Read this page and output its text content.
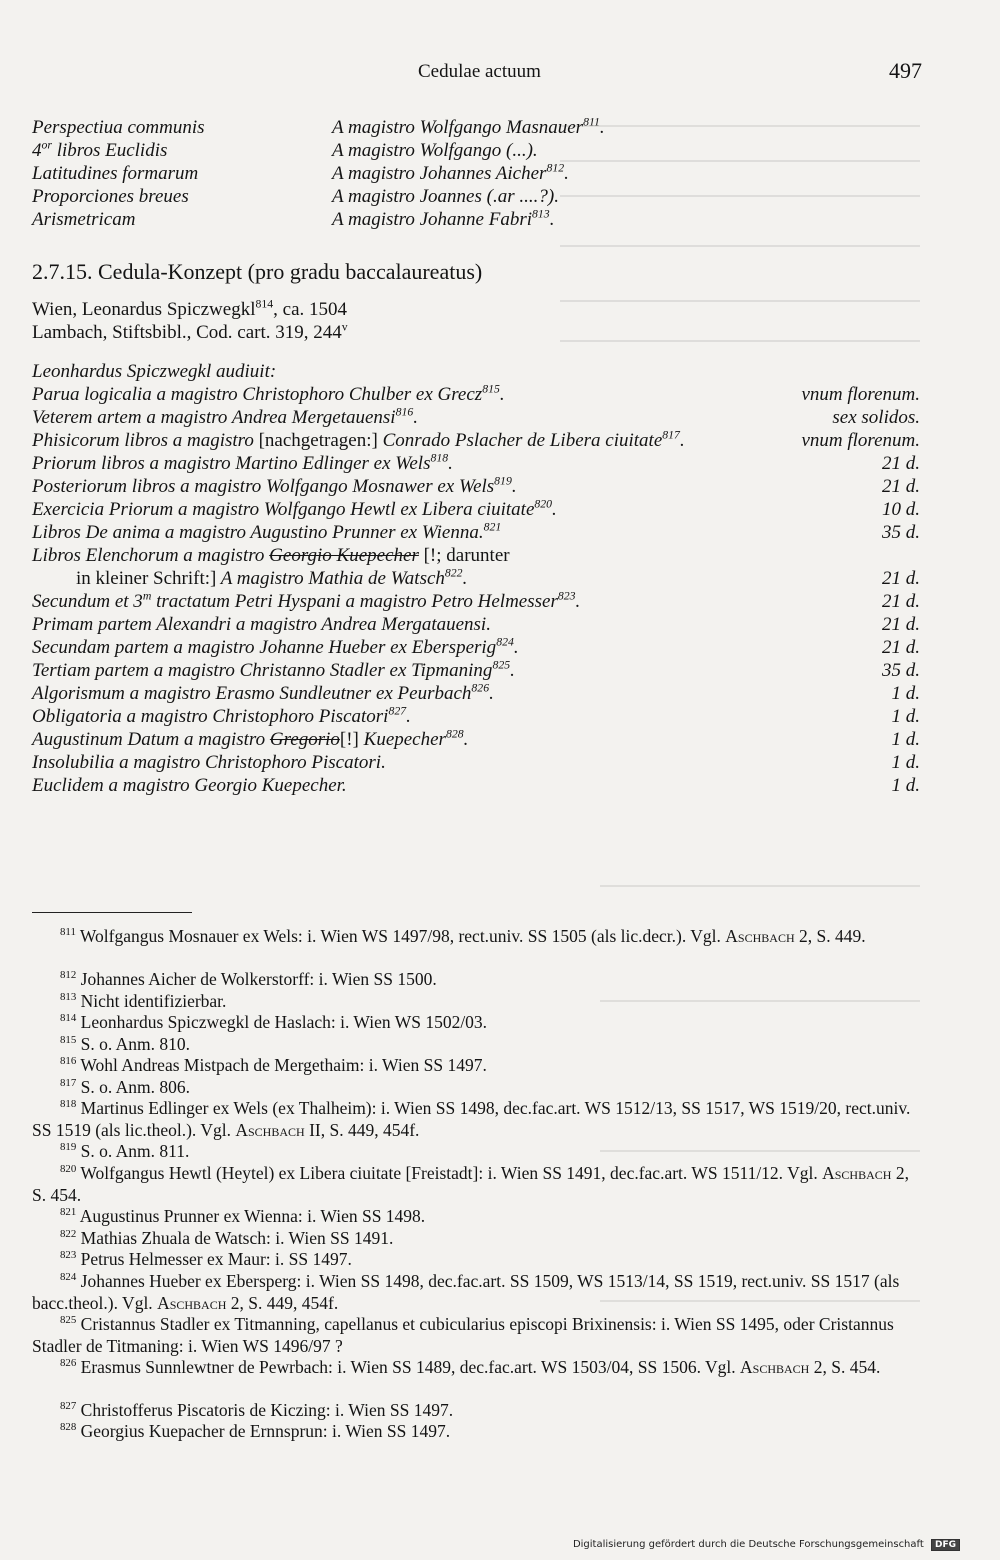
Cedulae actuum	497
Perspectiua communis	A magistro Wolfgango Masnauer$^{811}$.
$4^{or}$ libros Euclidis	A magistro Wolfgango (...).
Latitudines formarum	A magistro Johannes Aicher$^{812}$.
Proporciones breues	A magistro Joannes (.ar ....?).
Arismetricam	A magistro Johanne Fabri$^{813}$.
2.7.15. Cedula-Konzept (pro gradu baccalaureatus)
Wien, Leonardus Spiczwegkl$^{814}$, ca. 1504
Lambach, Stiftsbibl., Cod. cart. 319, 244$^v$
Leonhardus Spiczwegkl audiuit:
Parua logicalia a magistro Christophoro Chulber ex Grecz$^{815}$.	vnum florenum.
Veterem artem a magistro Andrea Mergetauensi$^{816}$.	sex solidos.
Phisicorum libros a magistro [nachgetragen:] Conrado Pslacher de Libera ciuitate$^{817}$.	vnum florenum.
Priorum libros a magistro Martino Edlinger ex Wels$^{818}$.	21 d.
Posteriorum libros a magistro Wolfgango Mosnawer ex Wels$^{819}$.	21 d.
Exercicia Priorum a magistro Wolfgango Hewtl ex Libera ciuitate$^{820}$.	10 d.
Libros De anima a magistro Augustino Prunner ex Wienna.$^{821}$	35 d.
Libros Elenchorum a magistro Georgio Kuepecher [!; darunter
in kleiner Schrift:] A magistro Mathia de Watsch$^{822}$.	21 d.
Secundum et 3$^m$ tractatum Petri Hyspani a magistro Petro Helmesser$^{823}$.	21 d.
Primam partem Alexandri a magistro Andrea Mergatauensi.	21 d.
Secundam partem a magistro Johanne Hueber ex Ebersperig$^{824}$.	21 d.
Tertiam partem a magistro Christanno Stadler ex Tipmaning$^{825}$.	35 d.
Algorismum a magistro Erasmo Sundleutner ex Peurbach$^{826}$.	1 d.
Obligatoria a magistro Christophoro Piscatori$^{827}$.	1 d.
Augustinum Datum a magistro Gregorio[!] Kuepecher$^{828}$.	1 d.
Insolubilia a magistro Christophoro Piscatori.	1 d.
Euclidem a magistro Georgio Kuepecher.	1 d.
$^{811}$ Wolfgangus Mosnauer ex Wels: i. Wien WS 1497/98, rect.univ. SS 1505 (als lic.decr.). Vgl. Aschbach 2, S. 449.
$^{812}$ Johannes Aicher de Wolkerstorff: i. Wien SS 1500.
$^{813}$ Nicht identifizierbar.
$^{814}$ Leonhardus Spiczwegkl de Haslach: i. Wien WS 1502/03.
$^{815}$ S. o. Anm. 810.
$^{816}$ Wohl Andreas Mistpach de Mergethaim: i. Wien SS 1497.
$^{817}$ S. o. Anm. 806.
$^{818}$ Martinus Edlinger ex Wels (ex Thalheim): i. Wien SS 1498, dec.fac.art. WS 1512/13, SS 1517, WS 1519/20, rect.univ. SS 1519 (als lic.theol.). Vgl. Aschbach II, S. 449, 454f.
$^{819}$ S. o. Anm. 811.
$^{820}$ Wolfgangus Hewtl (Heytel) ex Libera ciuitate [Freistadt]: i. Wien SS 1491, dec.fac.art. WS 1511/12. Vgl. Aschbach 2, S. 454.
$^{821}$ Augustinus Prunner ex Wienna: i. Wien SS 1498.
$^{822}$ Mathias Zhuala de Watsch: i. Wien SS 1491.
$^{823}$ Petrus Helmesser ex Maur: i. SS 1497.
$^{824}$ Johannes Hueber ex Ebersperg: i. Wien SS 1498, dec.fac.art. SS 1509, WS 1513/14, SS 1519, rect.univ. SS 1517 (als bacc.theol.). Vgl. Aschbach 2, S. 449, 454f.
$^{825}$ Cristannus Stadler ex Titmanning, capellanus et cubicularius episcopi Brixinensis: i. Wien SS 1495, oder Cristannus Stadler de Titmaning: i. Wien WS 1496/97 ?
$^{826}$ Erasmus Sunnlewtner de Pewrbach: i. Wien SS 1489, dec.fac.art. WS 1503/04, SS 1506. Vgl. Aschbach 2, S. 454.
$^{827}$ Christofferus Piscatoris de Kiczing: i. Wien SS 1497.
$^{828}$ Georgius Kuepacher de Ernnsprun: i. Wien SS 1497.
Digitalisierung gefördert durch die Deutsche Forschungsgemeinschaft DFG
